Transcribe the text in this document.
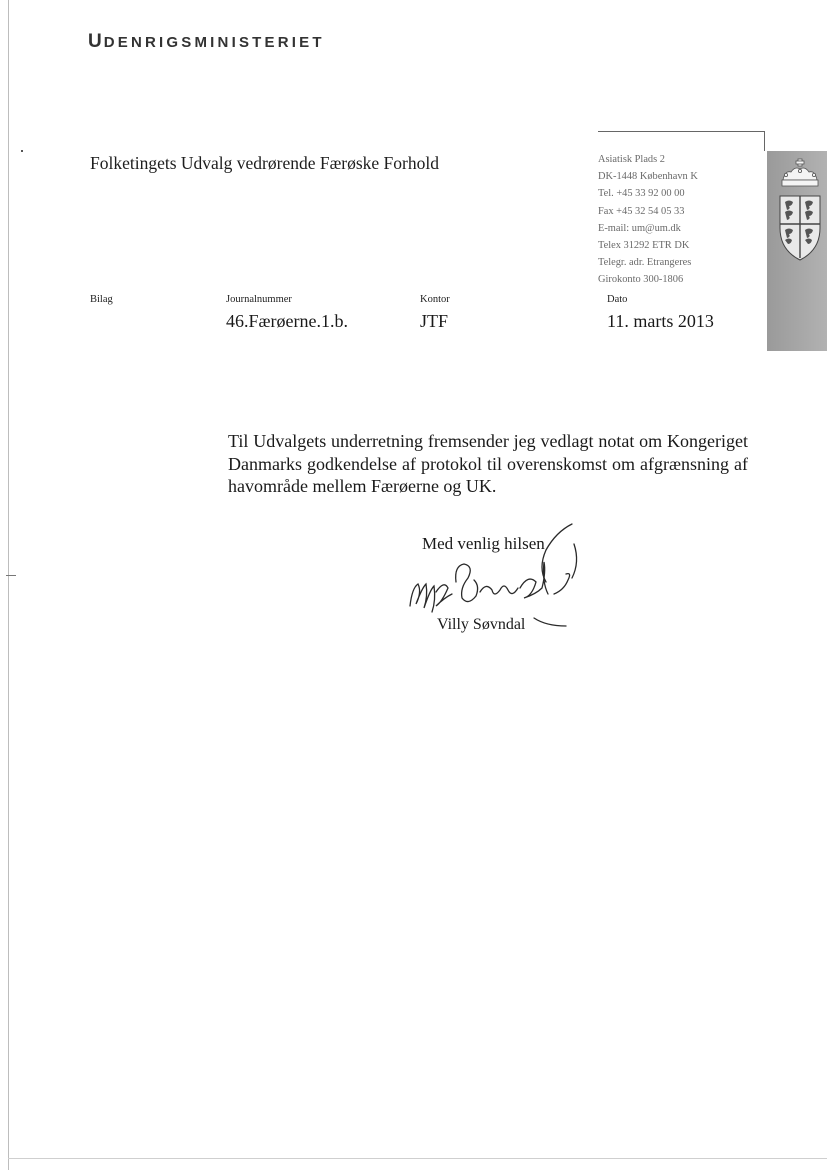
UDENRIGSMINISTERIET
Folketingets Udvalg vedrørende Færøske Forhold	Asiatisk Plads 2
DK-1448 København K
Tel. +45 33 92 00 00
Fax +45 32 54 05 33
E-mail: um@um.dk
Telex 31292 ETR DK
Telegr. adr. Etrangeres
Girokonto 300-1806
Bilag	Journalnummer
46.Færøerne.1.b.
Kontor
JTF
Dato
11. marts 2013
Til Udvalgets underretning fremsender jeg vedlagt notat om Kongeriget Danmarks godkendelse af protokol til overenskomst om afgrænsning af havområde mellem Færøerne og UK.
Med venlig hilsen
Villy Søvndal
